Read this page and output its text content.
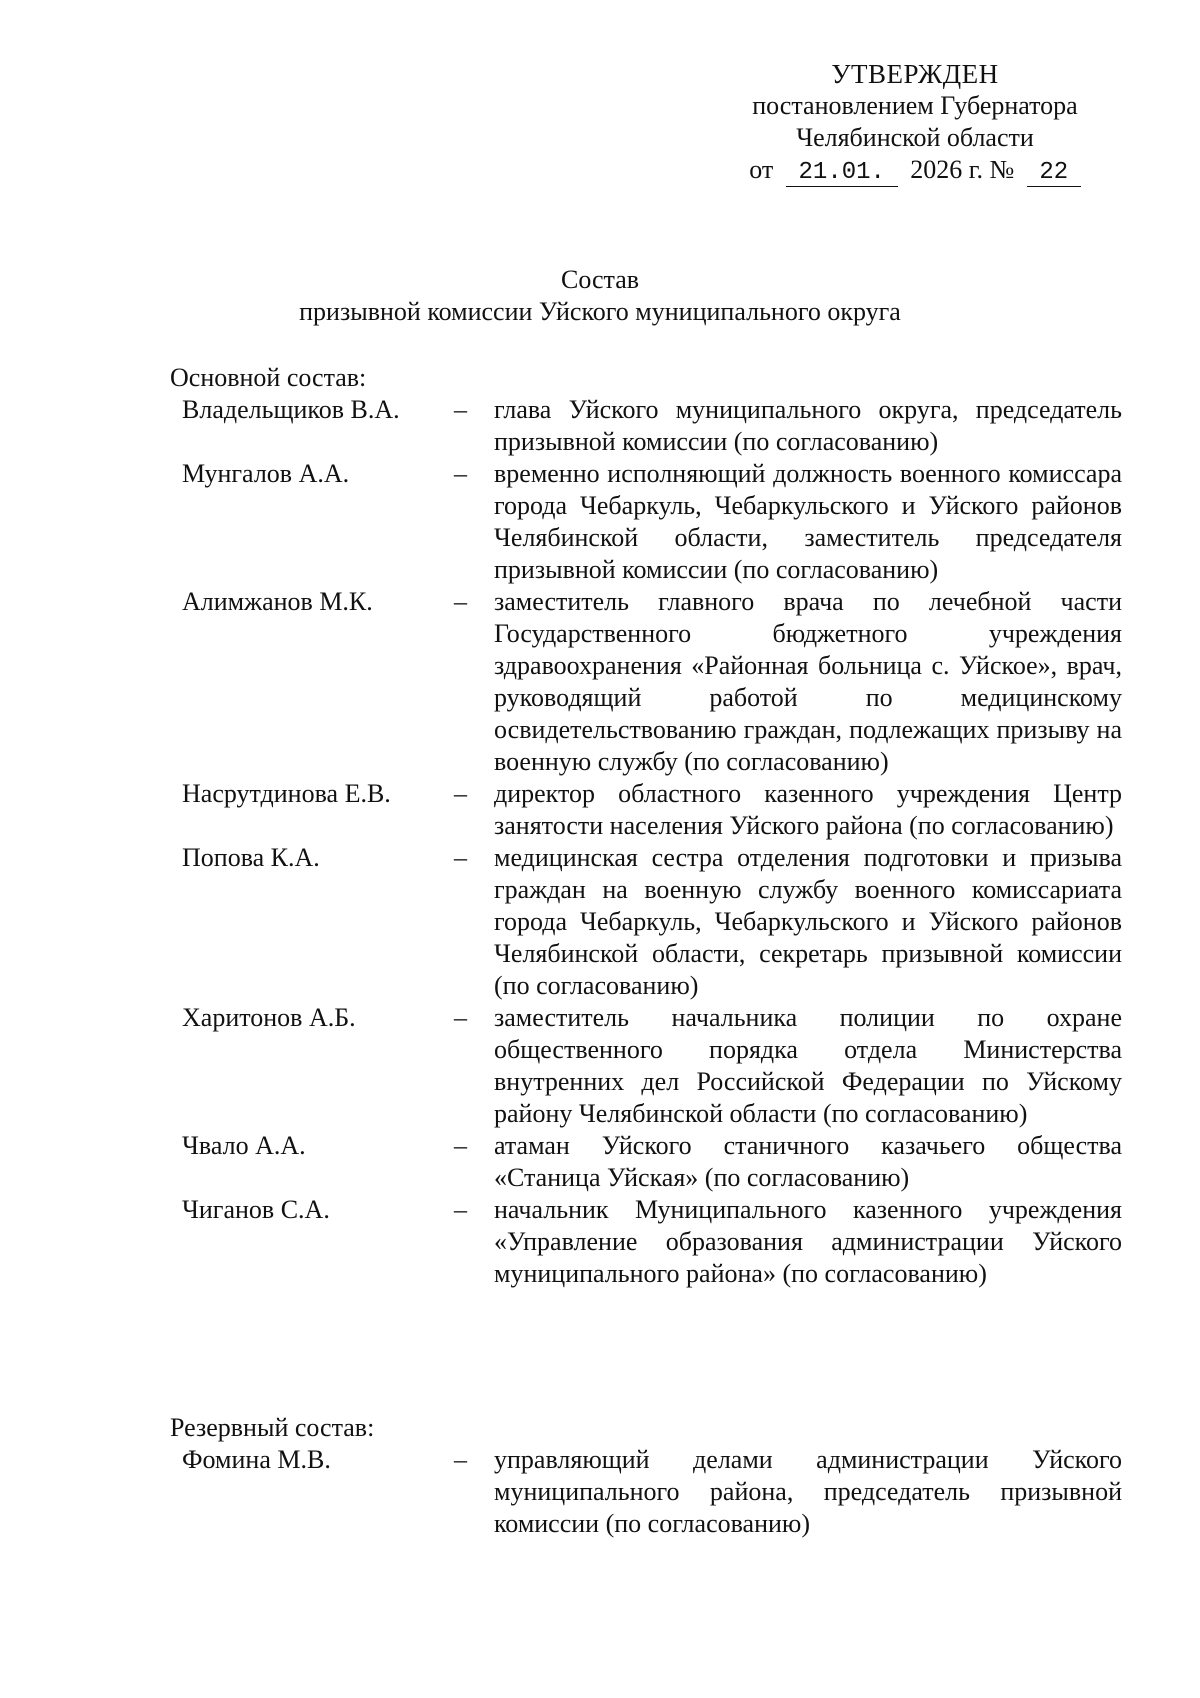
УТВЕРЖДЕН
постановлением Губернатора
Челябинской области
от 21.01. 2026 г. № 22
Состав
призывной комиссии Уйского муниципального округа
Основной состав:
Владельщиков В.А.	–	глава Уйского муниципального округа, председатель призывной комиссии (по согласованию)
Мунгалов А.А.	–	временно исполняющий должность военного комиссара города Чебаркуль, Чебаркульского и Уйского районов Челябинской области, заместитель председателя призывной комиссии (по согласованию)
Алимжанов М.К.	–	заместитель главного врача по лечебной части Государственного бюджетного учреждения здравоохранения «Районная больница с. Уйское», врач, руководящий работой по медицинскому освидетельствованию граждан, подлежащих призыву на военную службу (по согласованию)
Насрутдинова Е.В.	–	директор областного казенного учреждения Центр занятости населения Уйского района (по согласованию)
Попова К.А.	–	медицинская сестра отделения подготовки и призыва граждан на военную службу военного комиссариата города Чебаркуль, Чебаркульского и Уйского районов Челябинской области, секретарь призывной комиссии (по согласованию)
Харитонов А.Б.	–	заместитель начальника полиции по охране общественного порядка отдела Министерства внутренних дел Российской Федерации по Уйскому району Челябинской области (по согласованию)
Чвало А.А.	–	атаман Уйского станичного казачьего общества «Станица Уйская» (по согласованию)
Чиганов С.А.	–	начальник Муниципального казенного учреждения «Управление образования администрации Уйского муниципального района» (по согласованию)
Резервный состав:
Фомина М.В.	–	управляющий делами администрации Уйского муниципального района, председатель призывной комиссии (по согласованию)
